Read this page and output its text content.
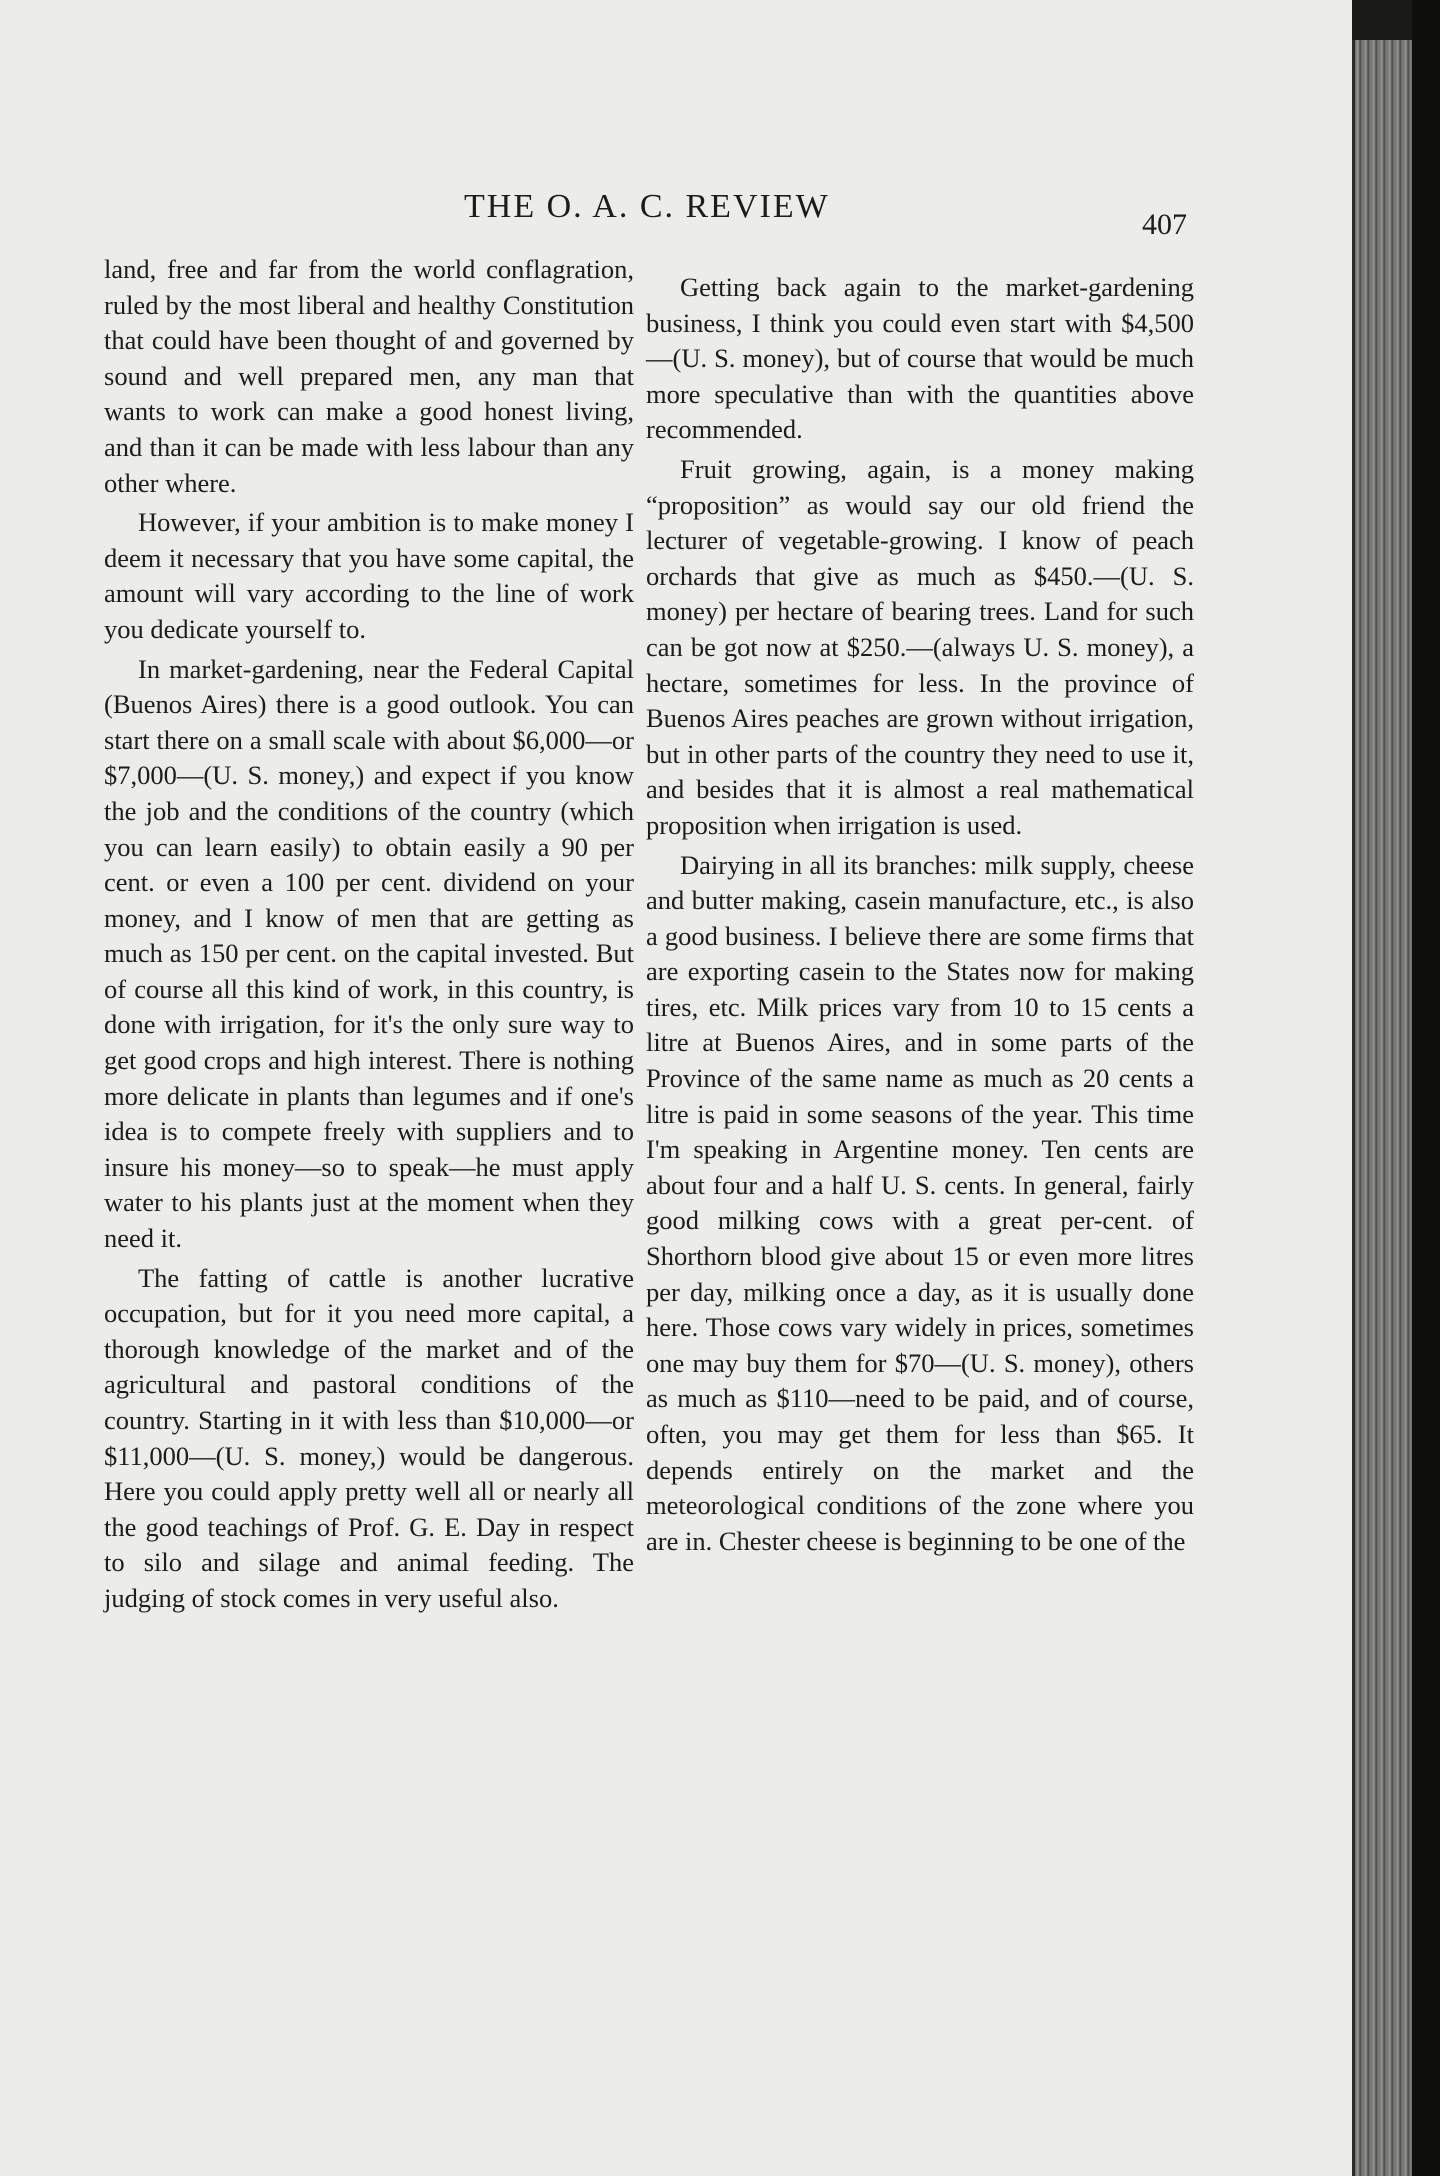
THE O. A. C. REVIEW	407

land, free and far from the world conflagration, ruled by the most liberal and healthy Constitution that could have been thought of and governed by sound and well prepared men, any man that wants to work can make a good honest living, and than it can be made with less labour than any other where.

However, if your ambition is to make money I deem it necessary that you have some capital, the amount will vary according to the line of work you dedicate yourself to.

In market-gardening, near the Federal Capital (Buenos Aires) there is a good outlook. You can start there on a small scale with about $6,000—or $7,000—(U. S. money,) and expect if you know the job and the conditions of the country (which you can learn easily) to obtain easily a 90 per cent. or even a 100 per cent. dividend on your money, and I know of men that are getting as much as 150 per cent. on the capital invested. But of course all this kind of work, in this country, is done with irrigation, for it's the only sure way to get good crops and high interest. There is nothing more delicate in plants than legumes and if one's idea is to compete freely with suppliers and to insure his money—so to speak—he must apply water to his plants just at the moment when they need it.

The fatting of cattle is another lucrative occupation, but for it you need more capital, a thorough knowledge of the market and of the agricultural and pastoral conditions of the country. Starting in it with less than $10,000—or $11,000—(U. S. money,) would be dangerous. Here you could apply pretty well all or nearly all the good teachings of Prof. G. E. Day in respect to silo and silage and animal feeding. The judging of stock comes in very useful also.

Getting back again to the market-gardening business, I think you could even start with $4,500—(U. S. money), but of course that would be much more speculative than with the quantities above recommended.

Fruit growing, again, is a money making “proposition” as would say our old friend the lecturer of vegetable-growing. I know of peach orchards that give as much as $450.—(U. S. money) per hectare of bearing trees. Land for such can be got now at $250.—(always U. S. money), a hectare, sometimes for less. In the province of Buenos Aires peaches are grown without irrigation, but in other parts of the country they need to use it, and besides that it is almost a real mathematical proposition when irrigation is used.

Dairying in all its branches: milk supply, cheese and butter making, casein manufacture, etc., is also a good business. I believe there are some firms that are exporting casein to the States now for making tires, etc. Milk prices vary from 10 to 15 cents a litre at Buenos Aires, and in some parts of the Province of the same name as much as 20 cents a litre is paid in some seasons of the year. This time I'm speaking in Argentine money. Ten cents are about four and a half U. S. cents. In general, fairly good milking cows with a great per-cent. of Shorthorn blood give about 15 or even more litres per day, milking once a day, as it is usually done here. Those cows vary widely in prices, sometimes one may buy them for $70—(U. S. money), others as much as $110—need to be paid, and of course, often, you may get them for less than $65. It depends entirely on the market and the meteorological conditions of the zone where you are in. Chester cheese is beginning to be one of the
